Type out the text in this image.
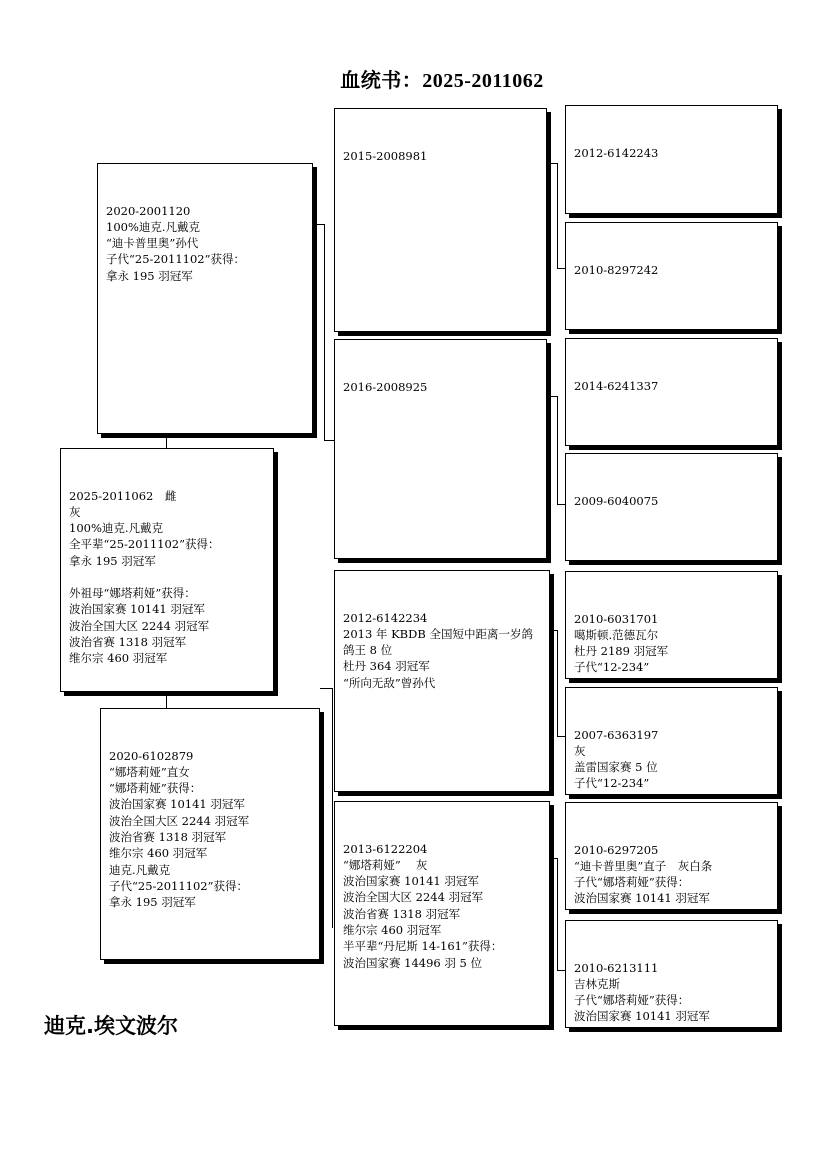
血统书：2025-2011062

2020-2001120
100%迪克.凡戴克
“迪卡普里奥”孙代
子代“25-2011102”获得：
拿永 195 羽冠军

2025-2011062　雌
灰
100%迪克.凡戴克
全平辈“25-2011102”获得：
拿永 195 羽冠军
外祖母“娜塔莉娅”获得：
波治国家赛 10141 羽冠军
波治全国大区 2244 羽冠军
波治省赛 1318 羽冠军
维尔宗 460 羽冠军

2020-6102879
“娜塔莉娅”直女
“娜塔莉娅”获得：
波治国家赛 10141 羽冠军
波治全国大区 2244 羽冠军
波治省赛 1318 羽冠军
维尔宗 460 羽冠军
迪克.凡戴克
子代“25-2011102”获得：
拿永 195 羽冠军

2015-2008981

2016-2008925

2012-6142234
2013 年 KBDB 全国短中距离一岁鸽
鸽王 8 位
杜丹 364 羽冠军
“所向无敌”曾孙代

2013-6122204
“娜塔莉娅”　 灰
波治国家赛 10141 羽冠军
波治全国大区 2244 羽冠军
波治省赛 1318 羽冠军
维尔宗 460 羽冠军
半平辈“丹尼斯 14-161”获得：
波治国家赛 14496 羽 5 位

2012-6142243

2010-8297242

2014-6241337

2009-6040075

2010-6031701
噶斯顿.范德瓦尔
杜丹 2189 羽冠军
子代“12-234”

2007-6363197
灰
盖雷国家赛 5 位
子代“12-234”

2010-6297205
“迪卡普里奥”直子　灰白条
子代“娜塔莉娅”获得：
波治国家赛 10141 羽冠军

2010-6213111
吉林克斯
子代“娜塔莉娅”获得：
波治国家赛 10141 羽冠军

迪克.埃文波尔
